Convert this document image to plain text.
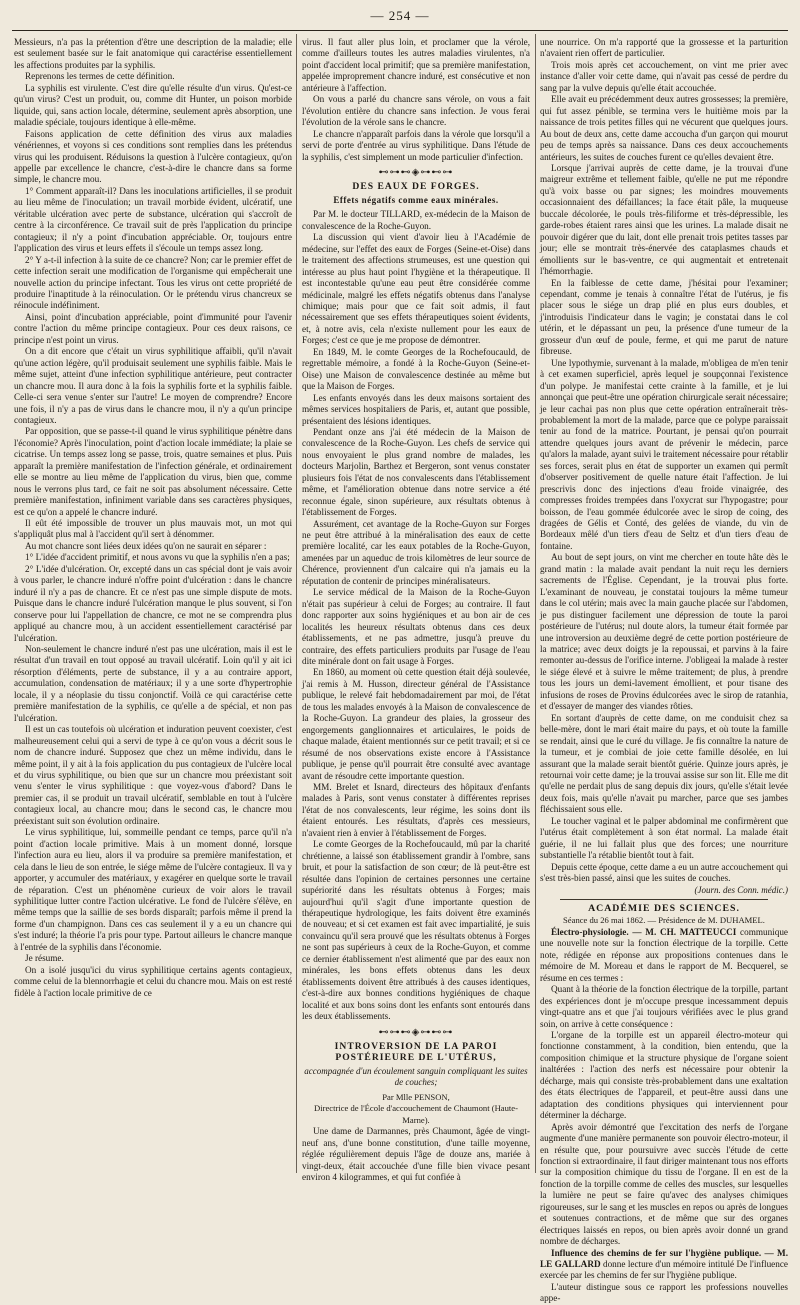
— 254 —

Messieurs, n'a pas la prétention d'être une description de la maladie; elle est seulement basée sur le fait anatomique qui caractérise essentiellement les affections produites par la syphilis.

Reprenons les termes de cette définition.

La syphilis est virulente. C'est dire qu'elle résulte d'un virus. Qu'est-ce qu'un virus? C'est un produit, ou, comme dit Hunter, un poison morbide liquide, qui, sans action locale, détermine, seulement après absorption, une maladie spéciale, toujours identique à elle-même.

Faisons application de cette définition des virus aux maladies vénériennes, et voyons si ces conditions sont remplies dans les prétendus virus qui les produisent. Réduisons la question à l'ulcère contagieux, qu'on appelle par excellence le chancre, c'est-à-dire le chancre dans sa forme simple, le chancre mou.

1° Comment apparaît-il? Dans les inoculations artificielles, il se produit au lieu même de l'inoculation; un travail morbide évident, ulcératif, une véritable ulcération avec perte de substance, ulcération qui s'accroît de centre à la circonférence. Ce travail suit de près l'application du principe contagieux; il n'y a point d'incubation appréciable. Or, toujours entre l'application des virus et leurs effets il s'écoule un temps assez long.

2° Y a-t-il infection à la suite de ce chancre? Non; car le premier effet de cette infection serait une modification de l'organisme qui empêcherait une nouvelle action du principe infectant. Tous les virus ont cette propriété de produire l'inaptitude à la réinoculation. Or le prétendu virus chancreux se réinocule indéfiniment.

Ainsi, point d'incubation appréciable, point d'immunité pour l'avenir contre l'action du même principe contagieux. Pour ces deux raisons, ce principe n'est point un virus.

On a dit encore que c'était un virus syphilitique affaibli, qu'il n'avait qu'une action légère, qu'il produisait seulement une syphilis faible. Mais le même sujet, atteint d'une infection syphilitique antérieure, peut contracter un chancre mou. Il aura donc à la fois la syphilis forte et la syphilis faible. Celle-ci sera venue s'enter sur l'autre! Le moyen de comprendre? Encore une fois, il n'y a pas de virus dans le chancre mou, il n'y a qu'un principe contagieux.

Par opposition, que se passe-t-il quand le virus syphilitique pénètre dans l'économie? Après l'inoculation, point d'action locale immédiate; la plaie se cicatrise. Un temps assez long se passe, trois, quatre semaines et plus. Puis apparaît la première manifestation de l'infection générale, et ordinairement elle se montre au lieu même de l'application du virus, bien que, comme nous le verrons plus tard, ce fait ne soit pas absolument nécessaire. Cette première manifestation, infiniment variable dans ses caractères physiques, est ce qu'on a appelé le chancre induré.

Il eût été impossible de trouver un plus mauvais mot, un mot qui s'appliquât plus mal à l'accident qu'il sert à dénommer.

Au mot chancre sont liées deux idées qu'on ne saurait en séparer :

1° L'idée d'accident primitif, et nous avons vu que la syphilis n'en a pas;

2° L'idée d'ulcération. Or, excepté dans un cas spécial dont je vais avoir à vous parler, le chancre induré n'offre point d'ulcération : dans le chancre induré il n'y a pas de chancre. Et ce n'est pas une simple dispute de mots. Puisque dans le chancre induré l'ulcération manque le plus souvent, si l'on conserve pour lui l'appellation de chancre, ce mot ne se comprendra plus appliqué au chancre mou, à un accident essentiellement caractérisé par l'ulcération.

Non-seulement le chancre induré n'est pas une ulcération, mais il est le résultat d'un travail en tout opposé au travail ulcératif. Loin qu'il y ait ici résorption d'éléments, perte de substance, il y a au contraire apport, accumulation, condensation de matériaux; il y a une sorte d'hypertrophie locale, il y a néoplasie du tissu conjonctif. Voilà ce qui caractérise cette première manifestation de la syphilis, ce qu'elle a de spécial, et non pas l'ulcération.

Il est un cas toutefois où ulcération et induration peuvent coexister, c'est malheureusement celui qui a servi de type à ce qu'on vous a décrit sous le nom de chancre induré. Supposez que chez un même individu, dans le même point, il y ait à la fois application du pus contagieux de l'ulcère local et du virus syphilitique, ou bien que sur un chancre mou préexistant soit venu s'enter le virus syphilitique : que voyez-vous d'abord? Dans le premier cas, il se produit un travail ulcératif, semblable en tout à l'ulcère contagieux local, au chancre mou; dans le second cas, le chancre mou préexistant suit son évolution ordinaire.

Le virus syphilitique, lui, sommeille pendant ce temps, parce qu'il n'a point d'action locale primitive. Mais à un moment donné, lorsque l'infection aura eu lieu, alors il va produire sa première manifestation, et cela dans le lieu de son entrée, le siége même de l'ulcère contagieux. Il va y apporter, y accumuler des matériaux, y exagérer en quelque sorte le travail de réparation. C'est un phénomène curieux de voir alors le travail syphilitique lutter contre l'action ulcérative. Le fond de l'ulcère s'élève, en même temps que la saillie de ses bords disparaît; parfois même il prend la forme d'un champignon. Dans ces cas seulement il y a eu un chancre qui s'est induré; la théorie l'a pris pour type. Partout ailleurs le chancre manque à l'entrée de la syphilis dans l'économie.

Je résume.

On a isolé jusqu'ici du virus syphilitique certains agents contagieux, comme celui de la blennorrhagie et celui du chancre mou. Mais on est resté fidèle à l'action locale primitive de ce

virus. Il faut aller plus loin, et proclamer que la vérole, comme d'ailleurs toutes les autres maladies virulentes, n'a point d'accident local primitif; que sa première manifestation, appelée improprement chancre induré, est consécutive et non antérieure à l'affection.

On vous a parlé du chancre sans vérole, on vous a fait l'évolution entière du chancre sans infection. Je vous ferai l'évolution de la vérole sans le chancre.

Le chancre n'apparaît parfois dans la vérole que lorsqu'il a servi de porte d'entrée au virus syphilitique. Dans l'étude de la syphilis, c'est simplement un mode particulier d'infection.

⊷⊶⊷◈⊶⊷⊶
DES EAUX DE FORGES.
Effets négatifs comme eaux minérales.

Par M. le docteur TILLARD, ex-médecin de la Maison de convalescence de la Roche-Guyon.

La discussion qui vient d'avoir lieu à l'Académie de médecine, sur l'effet des eaux de Forges (Seine-et-Oise) dans le traitement des affections strumeuses, est une question qui intéresse au plus haut point l'hygiène et la thérapeutique. Il est incontestable qu'une eau peut être considérée comme médicinale, malgré les effets négatifs obtenus dans l'analyse chimique; mais pour que ce fait soit admis, il faut nécessairement que ses effets thérapeutiques soient évidents, et, à notre avis, cela n'existe nullement pour les eaux de Forges; c'est ce que je me propose de démontrer.

En 1849, M. le comte Georges de la Rochefoucauld, de regrettable mémoire, a fondé à la Roche-Guyon (Seine-et-Oise) une Maison de convalescence destinée au même but que la Maison de Forges.

Les enfants envoyés dans les deux maisons sortaient des mêmes services hospitaliers de Paris, et, autant que possible, présentaient des lésions identiques.

Pendant onze ans j'ai été médecin de la Maison de convalescence de la Roche-Guyon. Les chefs de service qui nous envoyaient le plus grand nombre de malades, les docteurs Marjolin, Barthez et Bergeron, sont venus constater plusieurs fois l'état de nos convalescents dans l'établissement même, et l'amélioration obtenue dans notre service a été reconnue égale, sinon supérieure, aux résultats obtenus à l'établissement de Forges.

Assurément, cet avantage de la Roche-Guyon sur Forges ne peut être attribué à la minéralisation des eaux de cette première localité, car les eaux potables de la Roche-Guyon, amenées par un aqueduc de trois kilomètres de leur source de Chérence, proviennent d'un calcaire qui n'a jamais eu la réputation de contenir de principes minéralisateurs.

Le service médical de la Maison de la Roche-Guyon n'était pas supérieur à celui de Forges; au contraire. Il faut donc rapporter aux soins hygiéniques et au bon air de ces localités les heureux résultats obtenus dans ces deux établissements, et ne pas admettre, jusqu'à preuve du contraire, des effets particuliers produits par l'usage de l'eau dite minérale dont on fait usage à Forges.

En 1860, au moment où cette question était déjà soulevée, j'ai remis à M. Husson, directeur général de l'Assistance publique, le relevé fait hebdomadairement par moi, de l'état de tous les malades envoyés à la Maison de convalescence de la Roche-Guyon. La grandeur des plaies, la grosseur des engorgements ganglionnaires et articulaires, le poids de chaque malade, étaient mentionnés sur ce petit travail; et si ce résumé de nos observations existe encore à l'Assistance publique, je pense qu'il pourrait être consulté avec avantage avant de résoudre cette importante question.

MM. Brelet et Isnard, directeurs des hôpitaux d'enfants malades à Paris, sont venus constater à différentes reprises l'état de nos convalescents, leur régime, les soins dont ils étaient entourés. Les résultats, d'après ces messieurs, n'avaient rien à envier à l'établissement de Forges.

Le comte Georges de la Rochefoucauld, mû par la charité chrétienne, a laissé son établissement grandir à l'ombre, sans bruit, et pour la satisfaction de son cœur; de là peut-être est résultée dans l'opinion de certaines personnes une certaine supériorité dans les résultats obtenus à Forges; mais aujourd'hui qu'il s'agit d'une importante question de thérapeutique hydrologique, les faits doivent être examinés de nouveau; et si cet examen est fait avec impartialité, je suis convaincu qu'il sera prouvé que les résultats obtenus à Forges ne sont pas supérieurs à ceux de la Roche-Guyon, et comme ce dernier établissement n'est alimenté que par des eaux non minérales, les bons effets obtenus dans les deux établissements doivent être attribués à des causes identiques, c'est-à-dire aux bonnes conditions hygiéniques de chaque localité et aux bons soins dont les enfants sont entourés dans les deux établissements.

⊷⊶⊷◈⊶⊷⊶
INTROVERSION DE LA PAROI POSTÉRIEURE DE L'UTÉRUS,
accompagnée d'un écoulement sanguin compliquant les suites de couches;
Par Mlle PENSON,
Directrice de l'École d'accouchement de Chaumont (Haute-Marne).

Une dame de Darmannes, près Chaumont, âgée de vingt-neuf ans, d'une bonne constitution, d'une taille moyenne, réglée régulièrement depuis l'âge de douze ans, mariée à vingt-deux, était accouchée d'une fille bien vivace pesant environ 4 kilogrammes, et qui fut confiée à

une nourrice. On m'a rapporté que la grossesse et la parturition n'avaient rien offert de particulier.

Trois mois après cet accouchement, on vint me prier avec instance d'aller voir cette dame, qui n'avait pas cessé de perdre du sang par la vulve depuis qu'elle était accouchée.

Elle avait eu précédemment deux autres grossesses; la première, qui fut assez pénible, se termina vers le huitième mois par la naissance de trois petites filles qui ne vécurent que quelques jours. Au bout de deux ans, cette dame accoucha d'un garçon qui mourut peu de temps après sa naissance. Dans ces deux accouchements antérieurs, les suites de couches furent ce qu'elles devaient être.

Lorsque j'arrivai auprès de cette dame, je la trouvai d'une maigreur extrême et tellement faible, qu'elle ne put me répondre qu'à voix basse ou par signes; les moindres mouvements occasionnaient des défaillances; la face était pâle, la muqueuse buccale décolorée, le pouls très-filiforme et très-dépressible, les garde-robes étaient rares ainsi que les urines. La malade disait ne pouvoir digérer que du lait, dont elle prenait trois petites tasses par jour; elle se montrait très-énervée des cataplasmes chauds et émollients sur le bas-ventre, ce qui augmentait et entretenait l'hémorrhagie.

En la faiblesse de cette dame, j'hésitai pour l'examiner; cependant, comme je tenais à connaître l'état de l'utérus, je fis placer sous le siége un drap plié en plus eurs doubles, et j'introduisis l'indicateur dans le vagin; je constatai dans le col utérin, et le dépassant un peu, la présence d'une tumeur de la grosseur d'un œuf de poule, ferme, et qui me parut de nature fibreuse.

Une lypothymie, survenant à la malade, m'obligea de m'en tenir à cet examen superficiel, après lequel je soupçonnai l'existence d'un polype. Je manifestai cette crainte à la famille, et je lui annonçai que peut-être une opération chirurgicale serait nécessaire; je leur cachai pas non plus que cette opération entraînerait très-probablement la mort de la malade, parce que ce polype paraissait tenir au fond de la matrice. Pourtant, je pensai qu'on pourrait attendre quelques jours avant de prévenir le médecin, parce qu'alors la malade, ayant suivi le traitement nécessaire pour rétablir ses forces, serait plus en état de supporter un examen qui permît d'observer positivement de quelle nature était l'affection. Je lui prescrivis donc des injections d'eau froide vinaigrée, des compresses froides trempées dans l'oxycrat sur l'hypogastre; pour boisson, de l'eau gommée édulcorée avec le sirop de coing, des dragées de Gélis et Conté, des gelées de viande, du vin de Bordeaux mêlé d'un tiers d'eau de Seltz et d'un tiers d'eau de fontaine.

Au bout de sept jours, on vint me chercher en toute hâte dès le grand matin : la malade avait pendant la nuit reçu les derniers sacrements de l'Église. Cependant, je la trouvai plus forte. L'examinant de nouveau, je constatai toujours la même tumeur dans le col utérin; mais avec la main gauche placée sur l'abdomen, je pus distinguer facilement une dépression de toute la paroi postérieure de l'utérus; nul doute alors, la tumeur était formée par une introversion au deuxième degré de cette portion postérieure de la matrice; avec deux doigts je la repoussai, et parvins à la faire remonter au-dessus de l'orifice interne. J'obligeai la malade à rester le siége élevé et à suivre le même traitement; de plus, à prendre tous les jours un demi-lavement émollient, et pour tisane des infusions de roses de Provins édulcorées avec le sirop de ratanhia, et d'essayer de manger des viandes rôties.

En sortant d'auprès de cette dame, on me conduisit chez sa belle-mère, dont le mari était maire du pays, et où toute la famille se rendait, ainsi que le curé du village. Je fis connaître la nature de la tumeur, et je combiai de joie cette famille désolée, en lui assurant que la malade serait bientôt guérie. Quinze jours après, je retournai voir cette dame; je la trouvai assise sur son lit. Elle me dit qu'elle ne perdait plus de sang depuis dix jours, qu'elle s'était levée deux fois, mais qu'elle n'avait pu marcher, parce que ses jambes fléchissaient sous elle.

Le toucher vaginal et le palper abdominal me confirmèrent que l'utérus était complètement à son état normal. La malade était guérie, il ne lui fallait plus que des forces; une nourriture substantielle l'a rétablie bientôt tout à fait.

Depuis cette époque, cette dame a eu un autre accouchement qui s'est très-bien passé, ainsi que les suites de couches.

(Journ. des Conn. médic.)
ACADÉMIE DES SCIENCES.
Séance du 26 mai 1862. — Présidence de M. DUHAMEL.

Électro-physiologie. — M. CH. MATTEUCCI communique une nouvelle note sur la fonction électrique de la torpille. Cette note, rédigée en réponse aux propositions contenues dans le mémoire de M. Moreau et dans le rapport de M. Becquerel, se résume en ces termes :

Quant à la théorie de la fonction électrique de la torpille, partant des expériences dont je m'occupe presque incessamment depuis vingt-quatre ans et que j'ai toujours vérifiées avec le plus grand soin, on arrive à cette conséquence :

L'organe de la torpille est un appareil électro-moteur qui fonctionne constamment, à la condition, bien entendu, que la composition chimique et la structure physique de l'organe soient inaltérées : l'action des nerfs est nécessaire pour obtenir la décharge, mais qui consiste très-probablement dans une exaltation des états électriques de l'appareil, et peut-être aussi dans une adaptation des conditions physiques qui interviennent pour déterminer la décharge.

Après avoir démontré que l'excitation des nerfs de l'organe augmente d'une manière permanente son pouvoir électro-moteur, il en résulte que, pour poursuivre avec succès l'étude de cette fonction si extraordinaire, il faut diriger maintenant tous nos efforts sur la composition chimique du tissu de l'organe. Il en est de la fonction de la torpille comme de celles des muscles, sur lesquelles la lumière ne peut se faire qu'avec des analyses chimiques rigoureuses, sur le sang et les muscles en repos ou après de longues et soutenues contractions, et de même que sur des organes électriques laissés en repos, ou bien après avoir donné un grand nombre de décharges.

Influence des chemins de fer sur l'hygiène publique. — M. LE GALLARD donne lecture d'un mémoire intitulé De l'influence exercée par les chemins de fer sur l'hygiène publique.

L'auteur distingue sous ce rapport les professions nouvelles appe-
